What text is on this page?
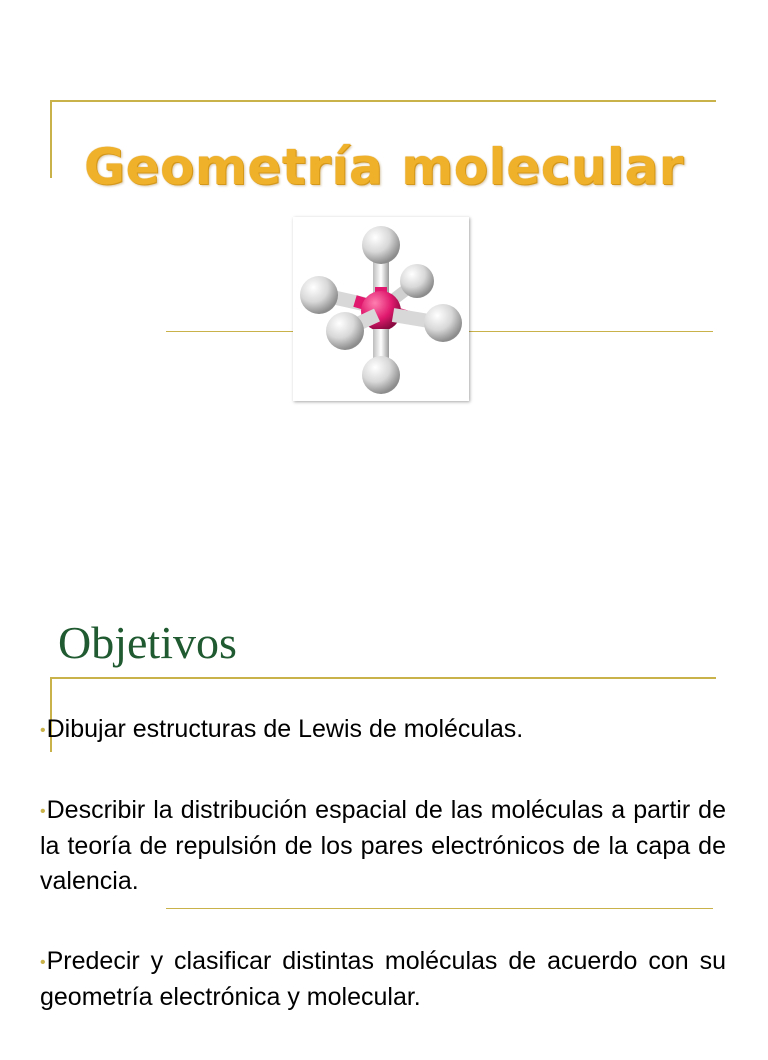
Geometría molecular
Objetivos
•Dibujar estructuras de Lewis de moléculas.
•Describir la distribución espacial de las moléculas a partir de la teoría de repulsión de los pares electrónicos de la capa de valencia.
•Predecir y clasificar distintas moléculas de acuerdo con su geometría electrónica y molecular.
